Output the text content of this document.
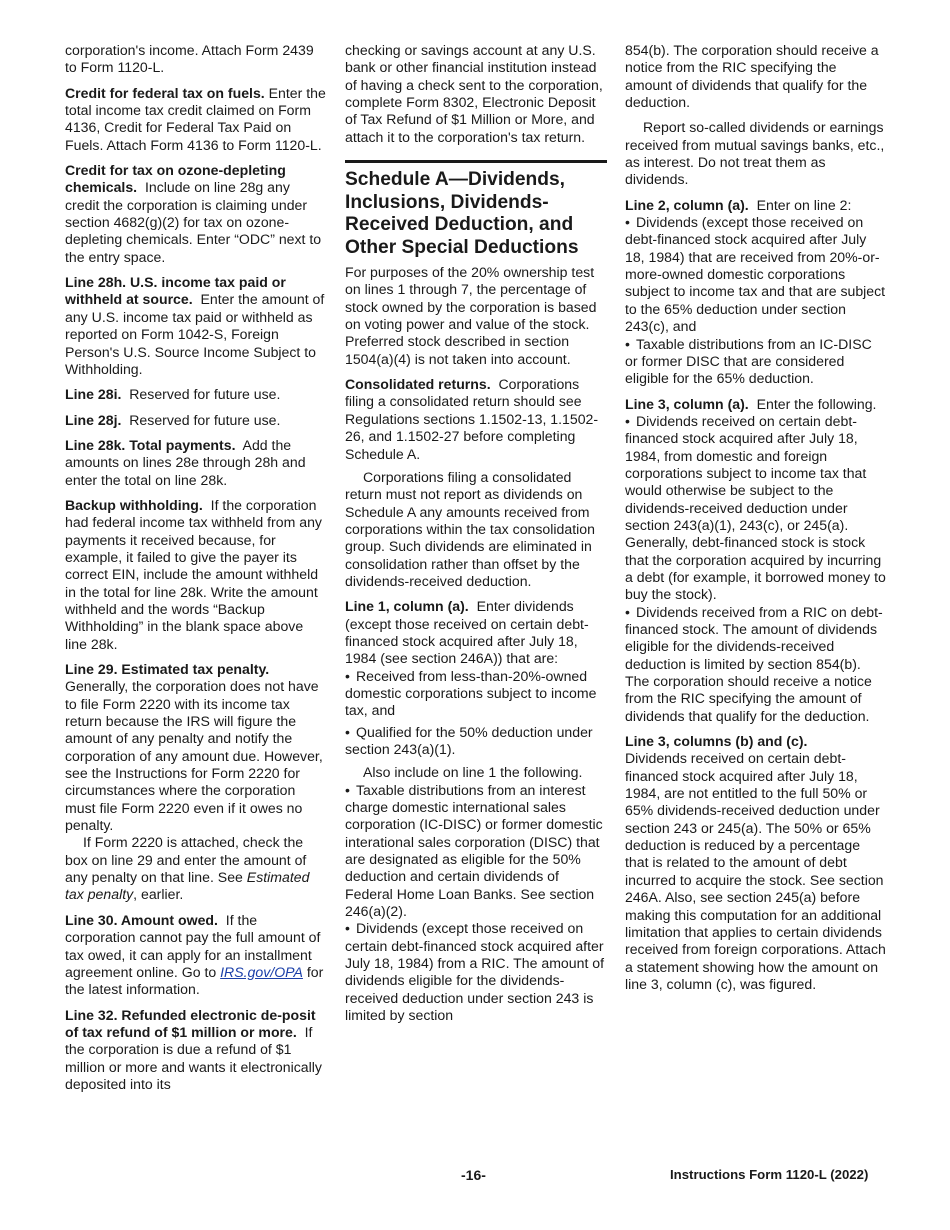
corporation's income. Attach Form 2439 to Form 1120-L.

Credit for federal tax on fuels. Enter the total income tax credit claimed on Form 4136, Credit for Federal Tax Paid on Fuels. Attach Form 4136 to Form 1120-L.

Credit for tax on ozone-depleting chemicals. Include on line 28g any credit the corporation is claiming under section 4682(g)(2) for tax on ozone-depleting chemicals. Enter “ODC” next to the entry space.

Line 28h. U.S. income tax paid or withheld at source. Enter the amount of any U.S. income tax paid or withheld as reported on Form 1042-S, Foreign Person's U.S. Source Income Subject to Withholding.

Line 28i. Reserved for future use.

Line 28j. Reserved for future use.

Line 28k. Total payments. Add the amounts on lines 28e through 28h and enter the total on line 28k.

Backup withholding. If the corporation had federal income tax withheld from any payments it received because, for example, it failed to give the payer its correct EIN, include the amount withheld in the total for line 28k. Write the amount withheld and the words “Backup Withholding” in the blank space above line 28k.

Line 29. Estimated tax penalty. Generally, the corporation does not have to file Form 2220 with its income tax return because the IRS will figure the amount of any penalty and notify the corporation of any amount due. However, see the Instructions for Form 2220 for circumstances where the corporation must file Form 2220 even if it owes no penalty.

If Form 2220 is attached, check the box on line 29 and enter the amount of any penalty on that line. See Estimated tax penalty, earlier.

Line 30. Amount owed. If the corporation cannot pay the full amount of tax owed, it can apply for an installment agreement online. Go to IRS.gov/OPA for the latest information.

Line 32. Refunded electronic de-posit of tax refund of $1 million or more. If the corporation is due a refund of $1 million or more and wants it electronically deposited into its

checking or savings account at any U.S. bank or other financial institution instead of having a check sent to the corporation, complete Form 8302, Electronic Deposit of Tax Refund of $1 Million or More, and attach it to the corporation's tax return.

Schedule A—Dividends, Inclusions, Dividends-Received Deduction, and Other Special Deductions

For purposes of the 20% ownership test on lines 1 through 7, the percentage of stock owned by the corporation is based on voting power and value of the stock. Preferred stock described in section 1504(a)(4) is not taken into account.

Consolidated returns. Corporations filing a consolidated return should see Regulations sections 1.1502-13, 1.1502-26, and 1.1502-27 before completing Schedule A.

Corporations filing a consolidated return must not report as dividends on Schedule A any amounts received from corporations within the tax consolidation group. Such dividends are eliminated in consolidation rather than offset by the dividends-received deduction.

Line 1, column (a). Enter dividends (except those received on certain debt-financed stock acquired after July 18, 1984 (see section 246A)) that are:

• Received from less-than-20%-owned domestic corporations subject to income tax, and

• Qualified for the 50% deduction under section 243(a)(1).

Also include on line 1 the following.

• Taxable distributions from an interest charge domestic international sales corporation (IC-DISC) or former domestic interational sales corporation (DISC) that are designated as eligible for the 50% deduction and certain dividends of Federal Home Loan Banks. See section 246(a)(2).

• Dividends (except those received on certain debt-financed stock acquired after July 18, 1984) from a RIC. The amount of dividends eligible for the dividends-received deduction under section 243 is limited by section

854(b). The corporation should receive a notice from the RIC specifying the amount of dividends that qualify for the deduction.

Report so-called dividends or earnings received from mutual savings banks, etc., as interest. Do not treat them as dividends.

Line 2, column (a). Enter on line 2:

• Dividends (except those received on debt-financed stock acquired after July 18, 1984) that are received from 20%-or-more-owned domestic corporations subject to income tax and that are subject to the 65% deduction under section 243(c), and

• Taxable distributions from an IC-DISC or former DISC that are considered eligible for the 65% deduction.

Line 3, column (a). Enter the following.

• Dividends received on certain debt-financed stock acquired after July 18, 1984, from domestic and foreign corporations subject to income tax that would otherwise be subject to the dividends-received deduction under section 243(a)(1), 243(c), or 245(a). Generally, debt-financed stock is stock that the corporation acquired by incurring a debt (for example, it borrowed money to buy the stock).

• Dividends received from a RIC on debt-financed stock. The amount of dividends eligible for the dividends-received deduction is limited by section 854(b). The corporation should receive a notice from the RIC specifying the amount of dividends that qualify for the deduction.

Line 3, columns (b) and (c).
Dividends received on certain debt-financed stock acquired after July 18, 1984, are not entitled to the full 50% or 65% dividends-received deduction under section 243 or 245(a). The 50% or 65% deduction is reduced by a percentage that is related to the amount of debt incurred to acquire the stock. See section 246A. Also, see section 245(a) before making this computation for an additional limitation that applies to certain dividends received from foreign corporations. Attach a statement showing how the amount on line 3, column (c), was figured.

-16-	Instructions Form 1120-L (2022)
